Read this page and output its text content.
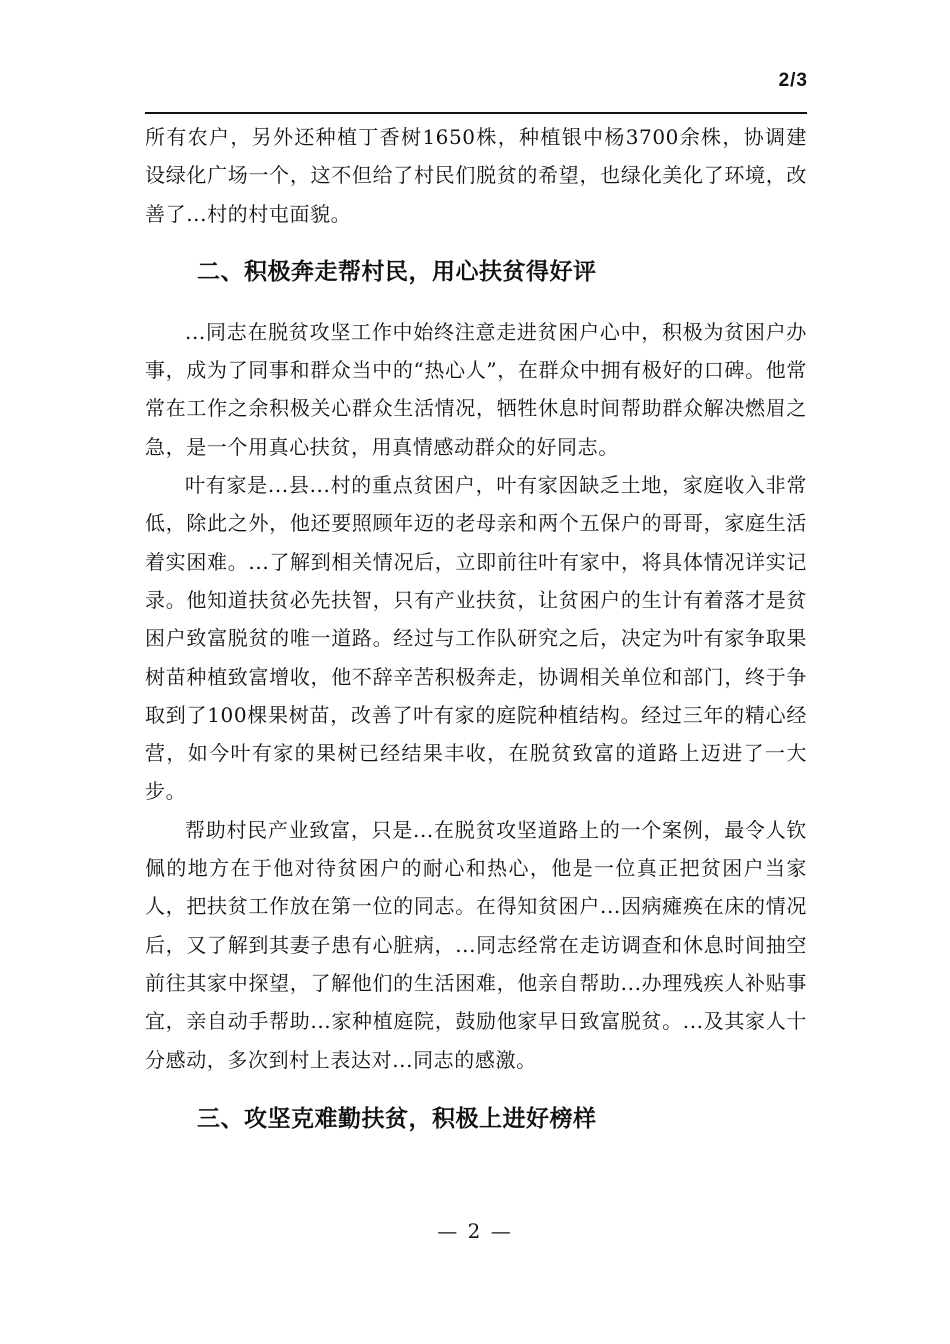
2/3

所有农户，另外还种植丁香树1650株，种植银中杨3700余株，协调建设绿化广场一个，这不但给了村民们脱贫的希望，也绿化美化了环境，改善了...村的村屯面貌。

二、积极奔走帮村民，用心扶贫得好评

...同志在脱贫攻坚工作中始终注意走进贫困户心中，积极为贫困户办事，成为了同事和群众当中的“热心人”，在群众中拥有极好的口碑。他常常在工作之余积极关心群众生活情况，牺牲休息时间帮助群众解决燃眉之急，是一个用真心扶贫，用真情感动群众的好同志。

叶有家是...县...村的重点贫困户，叶有家因缺乏土地，家庭收入非常低，除此之外，他还要照顾年迈的老母亲和两个五保户的哥哥，家庭生活着实困难。...了解到相关情况后，立即前往叶有家中，将具体情况详实记录。他知道扶贫必先扶智，只有产业扶贫，让贫困户的生计有着落才是贫困户致富脱贫的唯一道路。经过与工作队研究之后，决定为叶有家争取果树苗种植致富增收，他不辞辛苦积极奔走，协调相关单位和部门，终于争取到了100棵果树苗，改善了叶有家的庭院种植结构。经过三年的精心经营，如今叶有家的果树已经结果丰收，在脱贫致富的道路上迈进了一大步。

帮助村民产业致富，只是...在脱贫攻坚道路上的一个案例，最令人钦佩的地方在于他对待贫困户的耐心和热心，他是一位真正把贫困户当家人，把扶贫工作放在第一位的同志。在得知贫困户...因病瘫痪在床的情况后，又了解到其妻子患有心脏病，...同志经常在走访调查和休息时间抽空前往其家中探望，了解他们的生活困难，他亲自帮助...办理残疾人补贴事宜，亲自动手帮助...家种植庭院，鼓励他家早日致富脱贫。...及其家人十分感动，多次到村上表达对...同志的感激。

三、攻坚克难勤扶贫，积极上进好榜样
— 2 —
